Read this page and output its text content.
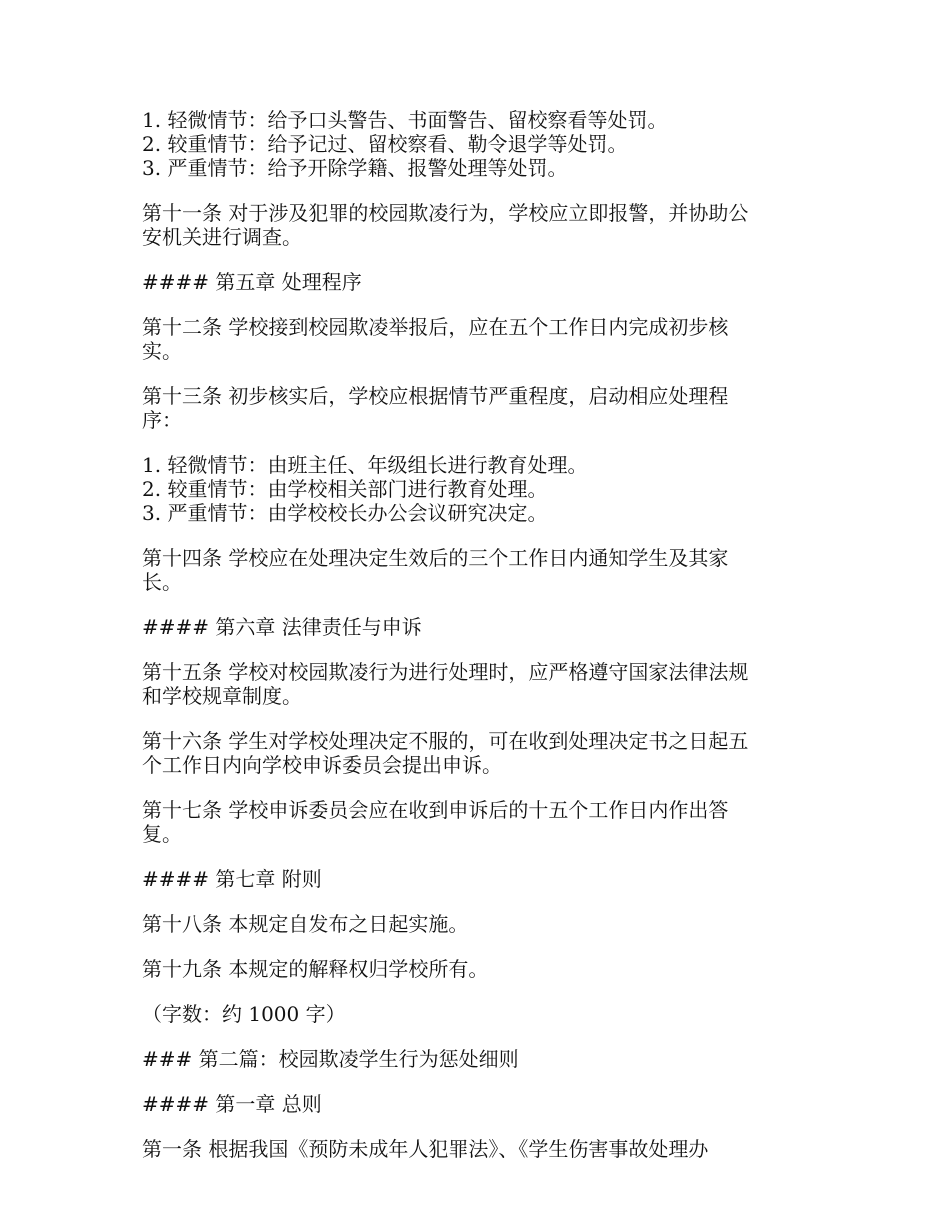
1. 轻微情节：给予口头警告、书面警告、留校察看等处罚。

2. 较重情节：给予记过、留校察看、勒令退学等处罚。

3. 严重情节：给予开除学籍、报警处理等处罚。

第十一条 对于涉及犯罪的校园欺凌行为，学校应立即报警，并协助公

安机关进行调查。

#### 第五章 处理程序

第十二条 学校接到校园欺凌举报后，应在五个工作日内完成初步核

实。

第十三条 初步核实后，学校应根据情节严重程度，启动相应处理程

序：

1. 轻微情节：由班主任、年级组长进行教育处理。

2. 较重情节：由学校相关部门进行教育处理。

3. 严重情节：由学校校长办公会议研究决定。

第十四条 学校应在处理决定生效后的三个工作日内通知学生及其家

长。

#### 第六章 法律责任与申诉

第十五条 学校对校园欺凌行为进行处理时，应严格遵守国家法律法规

和学校规章制度。

第十六条 学生对学校处理决定不服的，可在收到处理决定书之日起五

个工作日内向学校申诉委员会提出申诉。

第十七条 学校申诉委员会应在收到申诉后的十五个工作日内作出答

复。

#### 第七章 附则

第十八条 本规定自发布之日起实施。

第十九条 本规定的解释权归学校所有。

（字数：约 1000 字）

### 第二篇：校园欺凌学生行为惩处细则

#### 第一章 总则

第一条 根据我国《预防未成年人犯罪法》、《学生伤害事故处理办
